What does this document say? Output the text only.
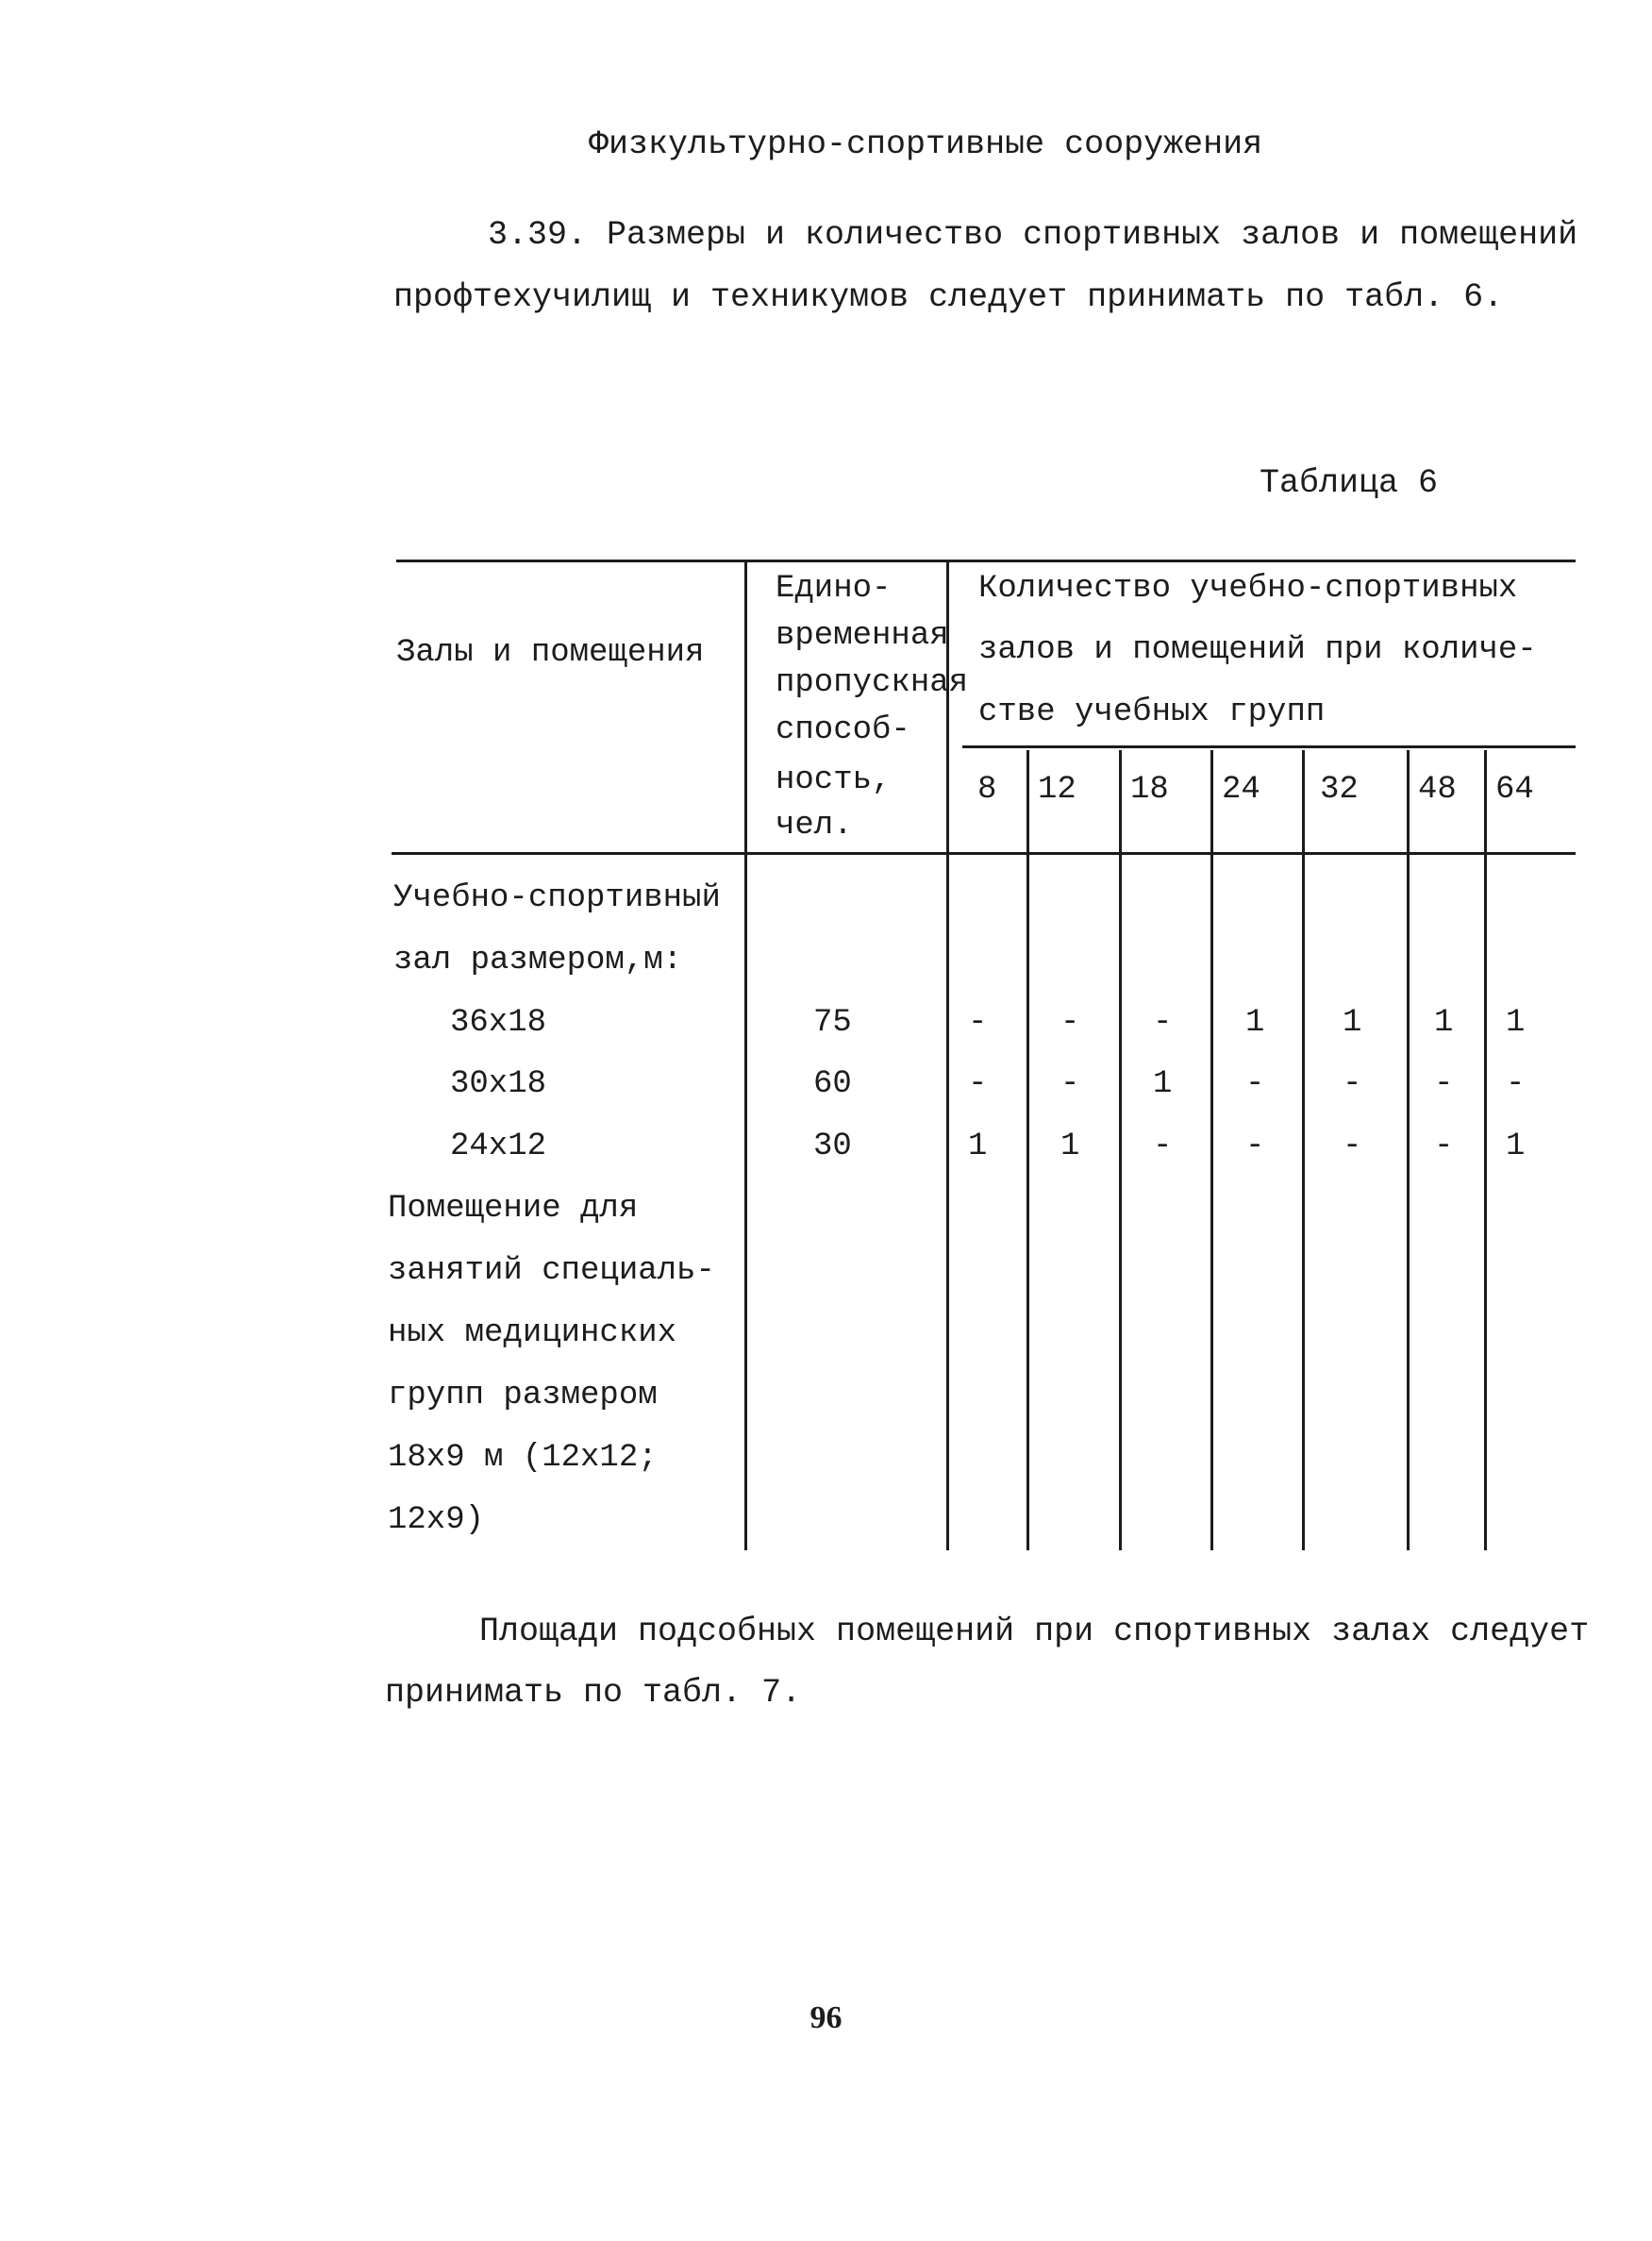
Физкультурно-спортивные сооружения
3.39. Размеры и количество спортивных залов и помещений
профтехучилищ и техникумов следует принимать по табл. 6.
Таблица 6
Залы и помещения
Едино-
временная
пропускная
способ-
ность,
чел.
Количество учебно-спортивных
залов и помещений при количе-
стве учебных групп
8 12 18 24 32 48 64
Учебно-спортивный
зал размером,м:
36x18	75	- - - 1 1 1 1
30x18	60	- - 1 - - - -
24x12	30	1 1 - - - - 1
Помещение для
занятий специаль-
ных медицинских
групп размером
18x9 м (12x12;
12x9)
Площади подсобных помещений при спортивных залах следует
принимать по табл. 7.
96
